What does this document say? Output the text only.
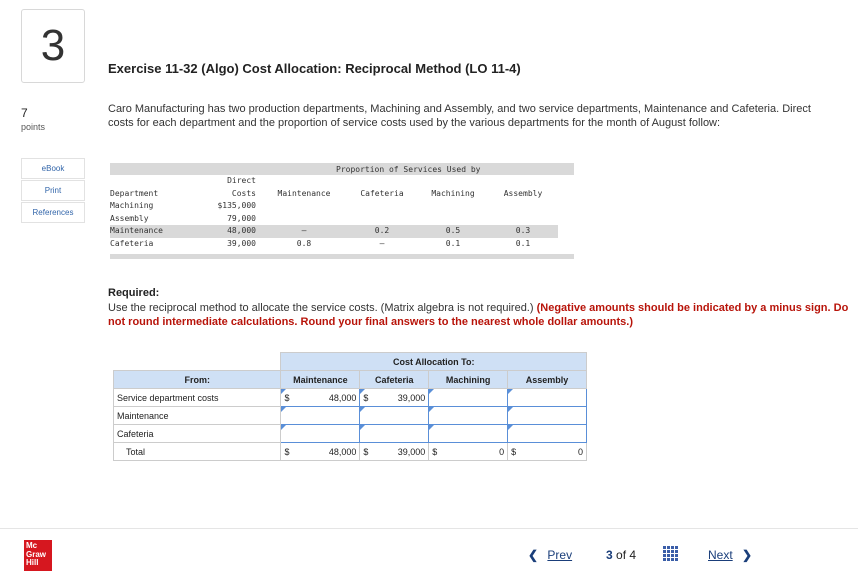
3
7
points
eBook
Print
References
Exercise 11-32 (Algo) Cost Allocation: Reciprocal Method (LO 11-4)
Caro Manufacturing has two production departments, Machining and Assembly, and two service departments, Maintenance and Cafeteria. Direct costs for each department and the proportion of service costs used by the various departments for the month of August follow:
Proportion of Services Used by
Direct
Department	Costs	Maintenance	Cafeteria	Machining	Assembly
Machining	$135,000
Assembly	79,000
Maintenance	48,000	–	0.2	0.5	0.3
Cafeteria	39,000	0.8	–	0.1	0.1
Required:
Use the reciprocal method to allocate the service costs. (Matrix algebra is not required.) (Negative amounts should be indicated by a minus sign. Do not round intermediate calculations. Round your final answers to the nearest whole dollar amounts.)
	Cost Allocation To:			
From:	Maintenance	Cafeteria	Machining	Assembly
Service department costs	$ 48,000	$ 39,000		

Maintenance				
Cafeteria				
Total	$ 48,000	$ 39,000	$ 0	$ 0
Mc
Graw
Hill
❮ Prev	3 of 4	Next ❯
